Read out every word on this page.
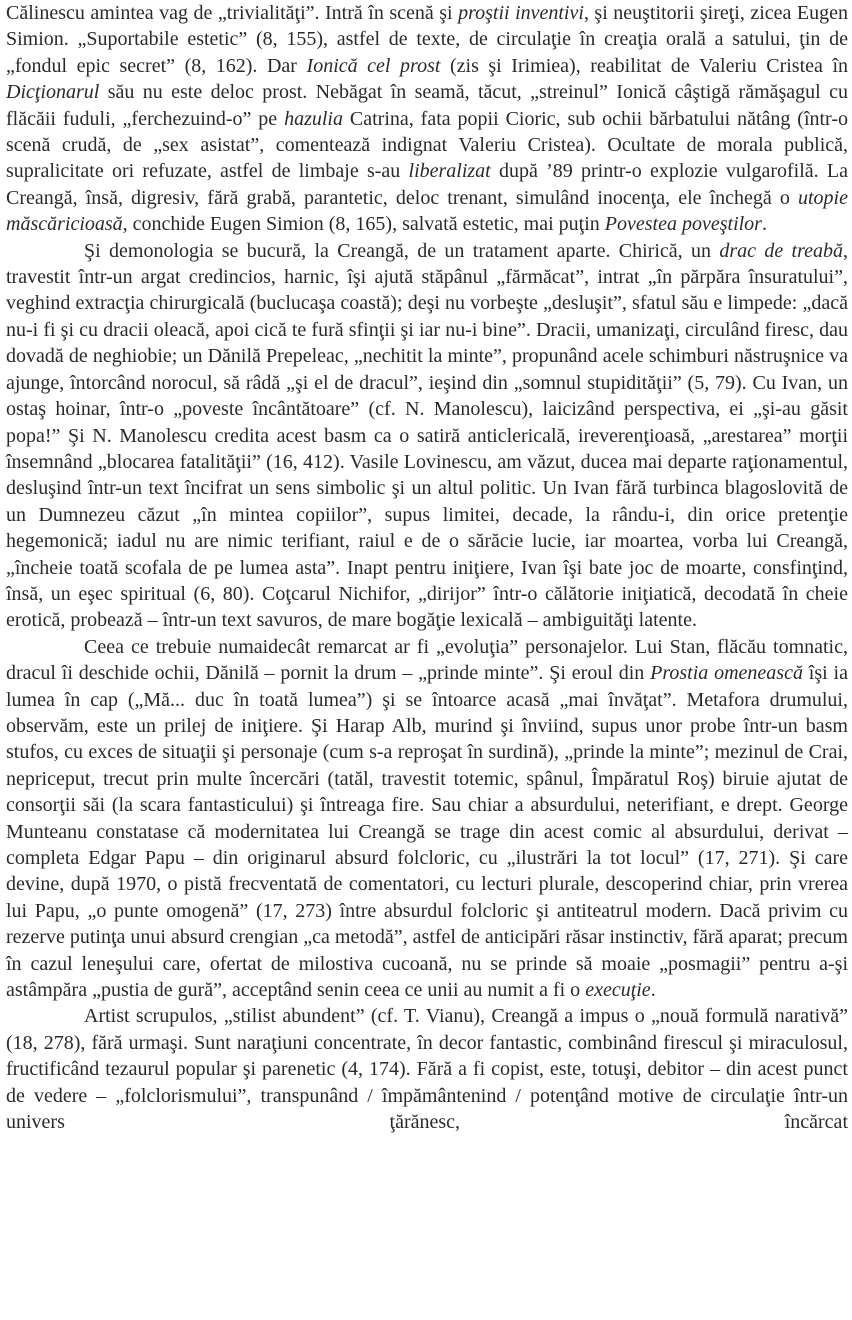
Călinescu amintea vag de „trivialităţi”. Intră în scenă şi proştii inventivi, şi neuştitorii şireţi, zicea Eugen Simion. „Suportabile estetic” (8, 155), astfel de texte, de circulaţie în creaţia orală a satului, ţin de „fondul epic secret” (8, 162). Dar Ionică cel prost (zis şi Irimiea), reabilitat de Valeriu Cristea în Dicţionarul său nu este deloc prost. Nebăgat în seamă, tăcut, „streinul” Ionică câştigă rămăşagul cu flăcăii fuduli, „ferchezuind-o” pe hazulia Catrina, fata popii Cioric, sub ochii bărbatului nătâng (într-o scenă crudă, de „sex asistat”, comentează indignat Valeriu Cristea). Ocultate de morala publică, supralicitate ori refuzate, astfel de limbaje s-au liberalizat după ’89 printr-o explozie vulgarofilă. La Creangă, însă, digresiv, fără grabă, parantetic, deloc trenant, simulând inocenţa, ele închegă o utopie măscăricioasă, conchide Eugen Simion (8, 165), salvată estetic, mai puţin Povestea poveştilor.

Şi demonologia se bucură, la Creangă, de un tratament aparte. Chirică, un drac de treabă, travestit într-un argat credincios, harnic, îşi ajută stăpânul „fărmăcat”, intrat „în părpăra însuratului”, veghind extracţia chirurgicală (buclucaşa coastă); deşi nu vorbeşte „desluşit”, sfatul său e limpede: „dacă nu-i fi şi cu dracii oleacă, apoi cică te fură sfinţii şi iar nu-i bine”. Dracii, umanizaţi, circulând firesc, dau dovadă de neghiobie; un Dănilă Prepeleac, „nechitit la minte”, propunând acele schimburi năstruşnice va ajunge, întorcând norocul, să râdă „şi el de dracul”, ieşind din „somnul stupidităţii” (5, 79). Cu Ivan, un ostaş hoinar, într-o „poveste încântătoare” (cf. N. Manolescu), laicizând perspectiva, ei „şi-au găsit popa!” Şi N. Manolescu credita acest basm ca o satiră anticlericală, ireverenţioasă, „arestarea” morţii însemnând „blocarea fatalităţii” (16, 412). Vasile Lovinescu, am văzut, ducea mai departe raţionamentul, desluşind într-un text încifrat un sens simbolic şi un altul politic. Un Ivan fără turbinca blagoslovită de un Dumnezeu căzut „în mintea copiilor”, supus limitei, decade, la rându-i, din orice pretenţie hegemonică; iadul nu are nimic terifiant, raiul e de o sărăcie lucie, iar moartea, vorba lui Creangă, „încheie toată scofala de pe lumea asta”. Inapt pentru iniţiere, Ivan îşi bate joc de moarte, consfinţind, însă, un eşec spiritual (6, 80). Coţcarul Nichifor, „dirijor” într-o călătorie iniţiatică, decodată în cheie erotică, probează – într-un text savuros, de mare bogăţie lexicală – ambiguităţi latente.

Ceea ce trebuie numaidecât remarcat ar fi „evoluţia” personajelor. Lui Stan, flăcău tomnatic, dracul îi deschide ochii, Dănilă – pornit la drum – „prinde minte”. Şi eroul din Prostia omenească îşi ia lumea în cap („Mă... duc în toată lumea”) şi se întoarce acasă „mai învăţat”. Metafora drumului, observăm, este un prilej de iniţiere. Şi Harap Alb, murind şi înviind, supus unor probe într-un basm stufos, cu exces de situaţii şi personaje (cum s-a reproşat în surdină), „prinde la minte”; mezinul de Crai, nepriceput, trecut prin multe încercări (tatăl, travestit totemic, spânul, Împăratul Roş) biruie ajutat de consorţii săi (la scara fantasticului) şi întreaga fire. Sau chiar a absurdului, neterifiant, e drept. George Munteanu constatase că modernitatea lui Creangă se trage din acest comic al absurdului, derivat – completa Edgar Papu – din originarul absurd folcloric, cu „ilustrări la tot locul” (17, 271). Şi care devine, după 1970, o pistă frecventată de comentatori, cu lecturi plurale, descoperind chiar, prin vrerea lui Papu, „o punte omogenă” (17, 273) între absurdul folcloric şi antiteatrul modern. Dacă privim cu rezerve putinţa unui absurd crengian „ca metodă”, astfel de anticipări răsar instinctiv, fără aparat; precum în cazul leneşului care, ofertat de milostiva cucoană, nu se prinde să moaie „posmagii” pentru a-şi astâmpăra „pustia de gură”, acceptând senin ceea ce unii au numit a fi o execuţie.

Artist scrupulos, „stilist abundent” (cf. T. Vianu), Creangă a impus o „nouă formulă narativă” (18, 278), fără urmaşi. Sunt naraţiuni concentrate, în decor fantastic, combinând firescul şi miraculosul, fructificând tezaurul popular şi parenetic (4, 174). Fără a fi copist, este, totuşi, debitor – din acest punct de vedere – „folclorismului”, transpunând / împământenind / potenţând motive de circulaţie într-un univers ţărănesc, încărcat
